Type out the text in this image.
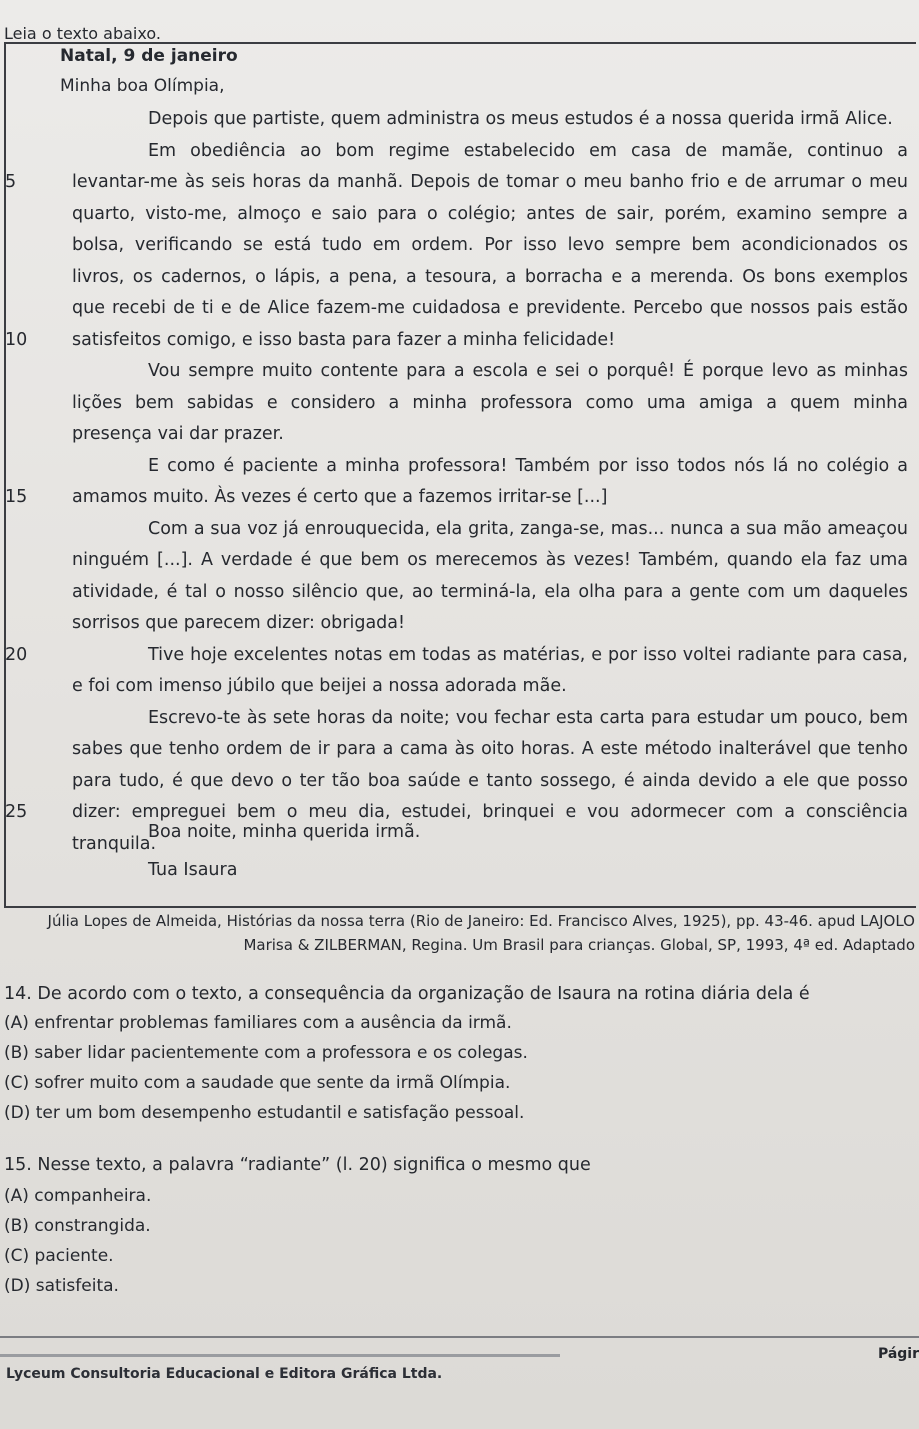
Leia o texto abaixo.
Natal, 9 de janeiro
Minha boa Olímpia,
Depois que partiste, quem administra os meus estudos é a nossa querida irmã Alice.
Em obediência ao bom regime estabelecido em casa de mamãe, continuo a
5	levantar-me às seis horas da manhã. Depois de tomar o meu banho frio e de arrumar o meu
quarto, visto-me, almoço e saio para o colégio; antes de sair, porém, examino sempre a
bolsa, verificando se está tudo em ordem. Por isso levo sempre bem acondicionados os
livros, os cadernos, o lápis, a pena, a tesoura, a borracha e a merenda. Os bons exemplos
que recebi de ti e de Alice fazem-me cuidadosa e previdente. Percebo que nossos pais estão
10	satisfeitos comigo, e isso basta para fazer a minha felicidade!
Vou sempre muito contente para a escola e sei o porquê! É porque levo as minhas
lições bem sabidas e considero a minha professora como uma amiga a quem minha
presença vai dar prazer.
E como é paciente a minha professora! Também por isso todos nós lá no colégio a
15	amamos muito. Às vezes é certo que a fazemos irritar-se [...]
Com a sua voz já enrouquecida, ela grita, zanga-se, mas... nunca a sua mão ameaçou
ninguém [...]. A verdade é que bem os merecemos às vezes! Também, quando ela faz uma
atividade, é tal o nosso silêncio que, ao terminá-la, ela olha para a gente com um daqueles
sorrisos que parecem dizer: obrigada!
20	Tive hoje excelentes notas em todas as matérias, e por isso voltei radiante para casa,
e foi com imenso júbilo que beijei a nossa adorada mãe.
Escrevo-te às sete horas da noite; vou fechar esta carta para estudar um pouco, bem
sabes que tenho ordem de ir para a cama às oito horas. A este método inalterável que tenho
para tudo, é que devo o ter tão boa saúde e tanto sossego, é ainda devido a ele que posso
25	dizer: empreguei bem o meu dia, estudei, brinquei e vou adormecer com a consciência
tranquila.
Boa noite, minha querida irmã.
Tua Isaura
Júlia Lopes de Almeida, Histórias da nossa terra (Rio de Janeiro: Ed. Francisco Alves, 1925), pp. 43-46. apud LAJOLO
Marisa & ZILBERMAN, Regina. Um Brasil para crianças. Global, SP, 1993, 4ª ed. Adaptado
14. De acordo com o texto, a consequência da organização de Isaura na rotina diária dela é
(A) enfrentar problemas familiares com a ausência da irmã.
(B) saber lidar pacientemente com a professora e os colegas.
(C) sofrer muito com a saudade que sente da irmã Olímpia.
(D) ter um bom desempenho estudantil e satisfação pessoal.
15. Nesse texto, a palavra “radiante” (l. 20) significa o mesmo que
(A) companheira.
(B) constrangida.
(C) paciente.
(D) satisfeita.
Págir
Lyceum Consultoria Educacional e Editora Gráfica Ltda.
